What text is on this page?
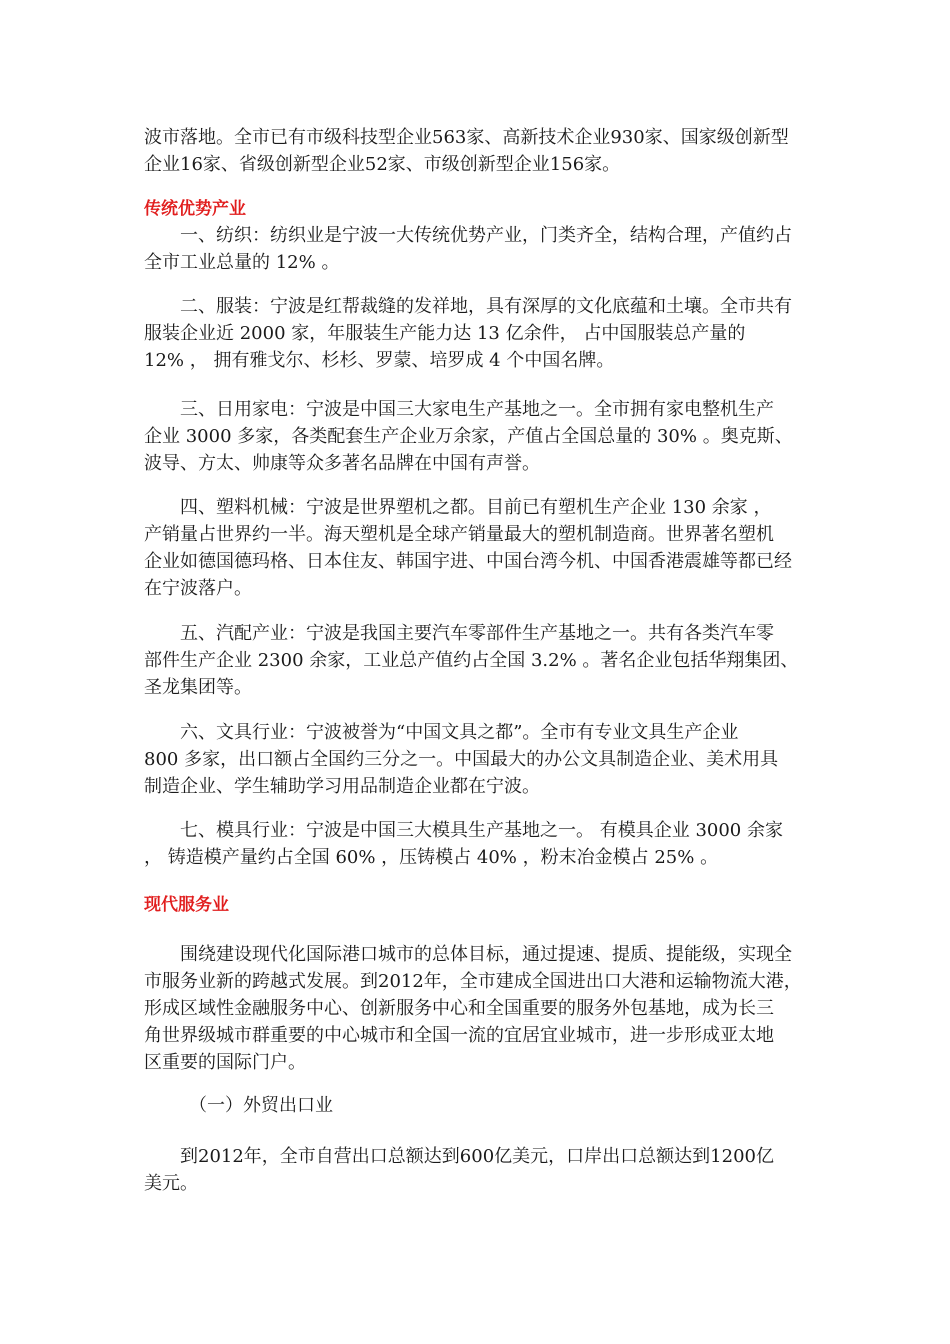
波市落地。全市已有市级科技型企业563家、高新技术企业930家、国家级创新型
企业16家、省级创新型企业52家、市级创新型企业156家。
传统优势产业
　　一、纺织：纺织业是宁波一大传统优势产业，门类齐全，结构合理，产值约占
全市工业总量的 12% 。
　　二、服装：宁波是红帮裁缝的发祥地，具有深厚的文化底蕴和土壤。全市共有
服装企业近 2000 家，年服装生产能力达 13 亿余件， 占中国服装总产量的
12% ， 拥有雅戈尔、杉杉、罗蒙、培罗成 4 个中国名牌。
　　三、日用家电：宁波是中国三大家电生产基地之一。全市拥有家电整机生产
企业 3000 多家，各类配套生产企业万余家，产值占全国总量的 30% 。奥克斯、
波导、方太、帅康等众多著名品牌在中国有声誉。
　　四、塑料机械：宁波是世界塑机之都。目前已有塑机生产企业 130 余家 ，
产销量占世界约一半。海天塑机是全球产销量最大的塑机制造商。世界著名塑机
企业如德国德玛格、日本住友、韩国宇进、中国台湾今机、中国香港震雄等都已经
在宁波落户。
　　五、汽配产业：宁波是我国主要汽车零部件生产基地之一。共有各类汽车零
部件生产企业 2300 余家，工业总产值约占全国 3.2% 。著名企业包括华翔集团、
圣龙集团等。
　　六、文具行业：宁波被誉为“中国文具之都”。全市有专业文具生产企业
800 多家，出口额占全国约三分之一。中国最大的办公文具制造企业、美术用具
制造企业、学生辅助学习用品制造企业都在宁波。
　　七、模具行业：宁波是中国三大模具生产基地之一。 有模具企业 3000 余家
， 铸造模产量约占全国 60% ，压铸模占 40% ，粉末冶金模占 25% 。
现代服务业
　　围绕建设现代化国际港口城市的总体目标，通过提速、提质、提能级，实现全
市服务业新的跨越式发展。到2012年，全市建成全国进出口大港和运输物流大港，
形成区域性金融服务中心、创新服务中心和全国重要的服务外包基地，成为长三
角世界级城市群重要的中心城市和全国一流的宜居宜业城市，进一步形成亚太地
区重要的国际门户。
　　　（一）外贸出口业
　　到2012年，全市自营出口总额达到600亿美元，口岸出口总额达到1200亿
美元。
